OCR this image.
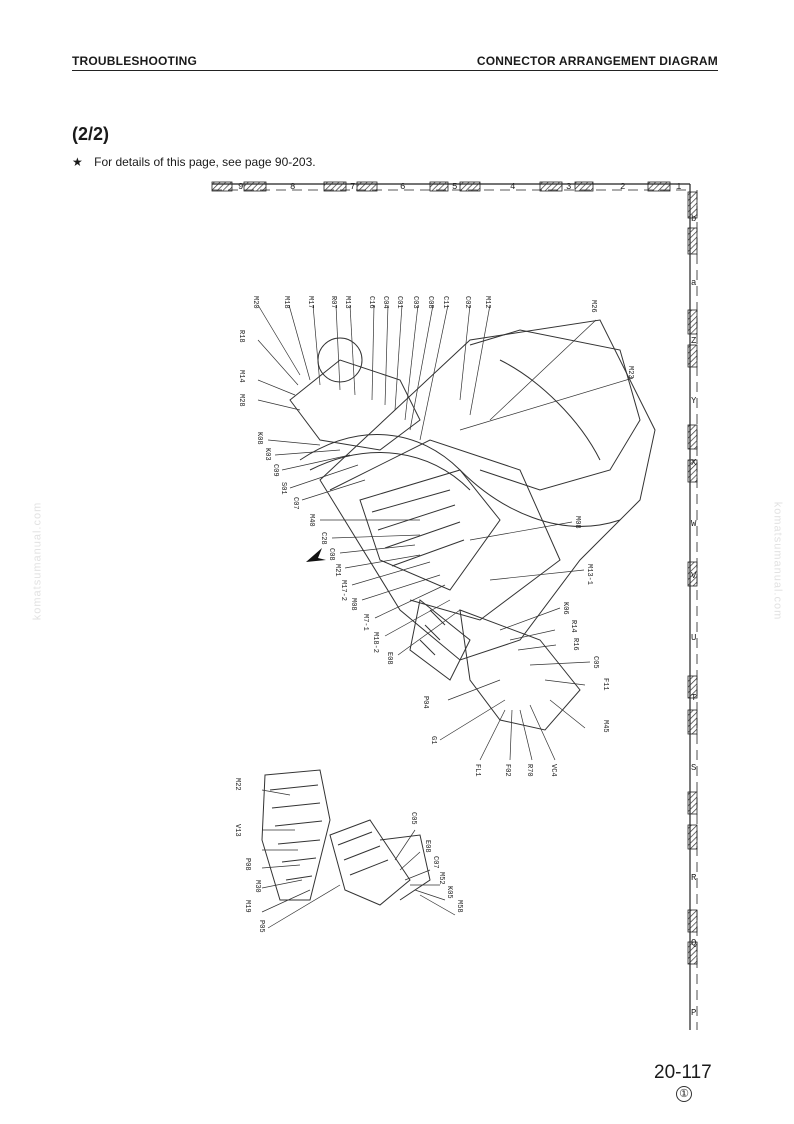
TROUBLESHOOTING	CONNECTOR ARRANGEMENT DIAGRAM
(2/2)
★ For details of this page, see page 90-203.
komatsumanual.com	komatsumanual.com
9	8	7	6	5	4	3	2	1
b
a
Z
Y
X
W
V
U
T
S
R
Q
P
M20	M18 M17 R07 M13 C16 C04 C01 C03 C08 C11 C02 M12	M26
M23
R18
M14
M28
K08
K03
C09
S01
C07
M40
C28
C08
M21
M17-2
M08
M7-1
M18-2
E08
M08
M13-1
K06
R14
R16
C05
F11
M45
P04
G1
FL1	F02 R70 VC4
M22
V13
P08
M30
M19
P05
C05
E08
C07
M52
K05
M58
20-117
①
